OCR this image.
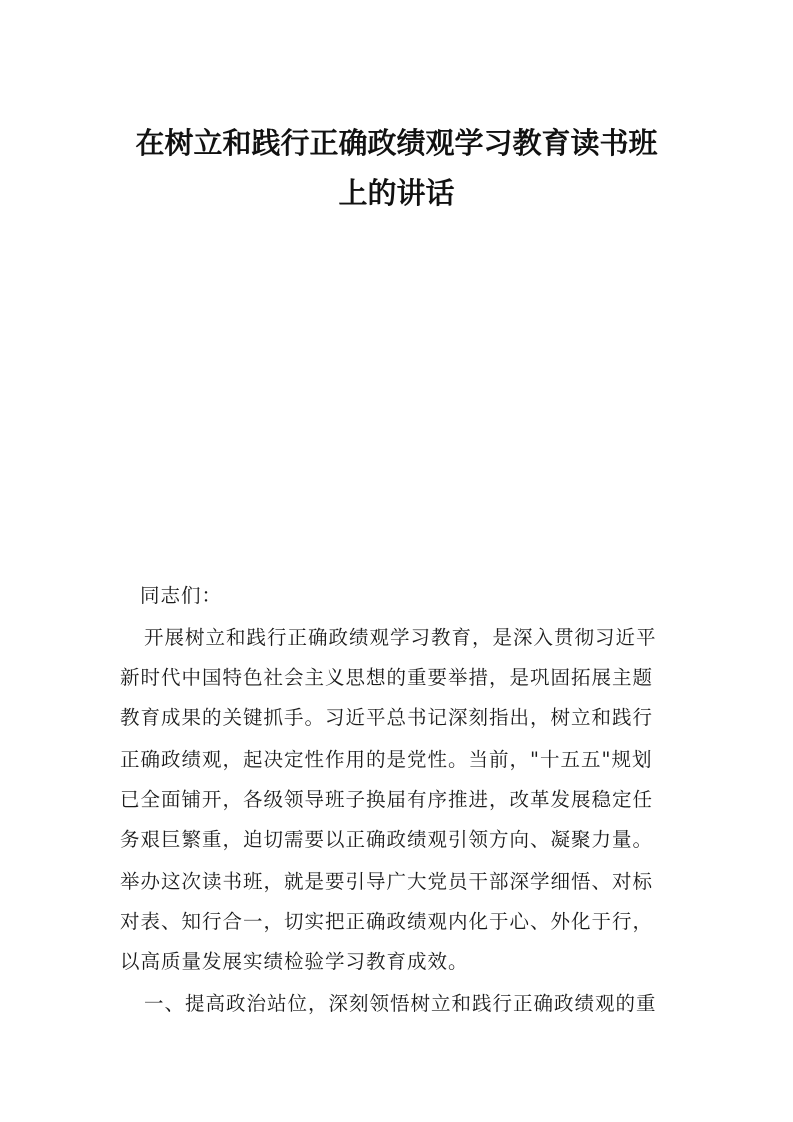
在树立和践行正确政绩观学习教育读书班
上的讲话

同志们：

开展树立和践行正确政绩观学习教育，是深入贯彻习近平

新时代中国特色社会主义思想的重要举措，是巩固拓展主题

教育成果的关键抓手。习近平总书记深刻指出，树立和践行

正确政绩观，起决定性作用的是党性。当前，"十五五"规划

已全面铺开，各级领导班子换届有序推进，改革发展稳定任

务艰巨繁重，迫切需要以正确政绩观引领方向、凝聚力量。

举办这次读书班，就是要引导广大党员干部深学细悟、对标

对表、知行合一，切实把正确政绩观内化于心、外化于行，

以高质量发展实绩检验学习教育成效。

一、提高政治站位，深刻领悟树立和践行正确政绩观的重
